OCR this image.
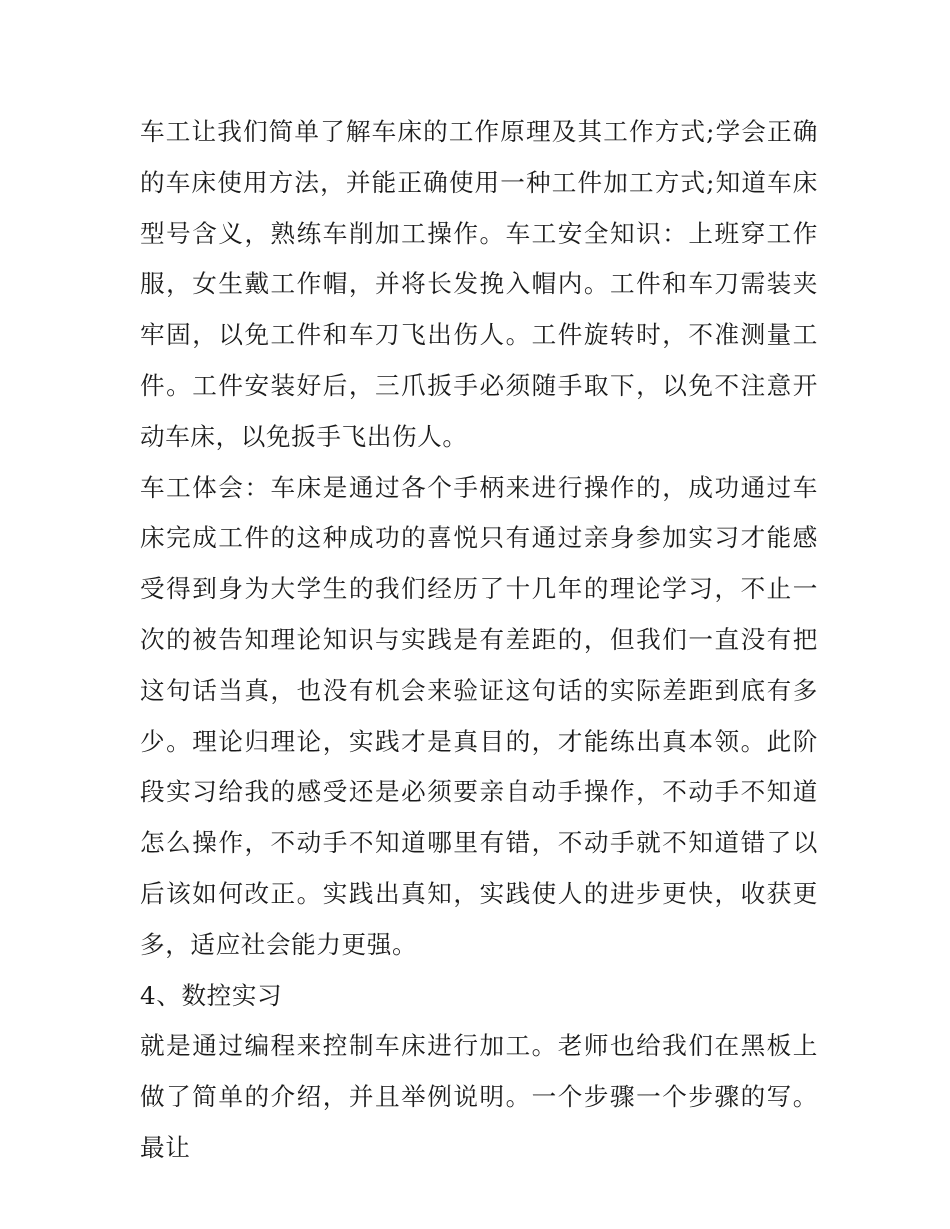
车工让我们简单了解车床的工作原理及其工作方式;学会正确的车床使用方法，并能正确使用一种工件加工方式;知道车床型号含义，熟练车削加工操作。车工安全知识：上班穿工作服，女生戴工作帽，并将长发挽入帽内。工件和车刀需装夹牢固，以免工件和车刀飞出伤人。工件旋转时，不准测量工件。工件安装好后，三爪扳手必须随手取下，以免不注意开动车床，以免扳手飞出伤人。

车工体会：车床是通过各个手柄来进行操作的，成功通过车床完成工件的这种成功的喜悦只有通过亲身参加实习才能感受得到身为大学生的我们经历了十几年的理论学习，不止一次的被告知理论知识与实践是有差距的，但我们一直没有把这句话当真，也没有机会来验证这句话的实际差距到底有多少。理论归理论，实践才是真目的，才能练出真本领。此阶段实习给我的感受还是必须要亲自动手操作，不动手不知道怎么操作，不动手不知道哪里有错，不动手就不知道错了以后该如何改正。实践出真知，实践使人的进步更快，收获更多，适应社会能力更强。

4、数控实习

就是通过编程来控制车床进行加工。老师也给我们在黑板上做了简单的介绍，并且举例说明。一个步骤一个步骤的写。最让
